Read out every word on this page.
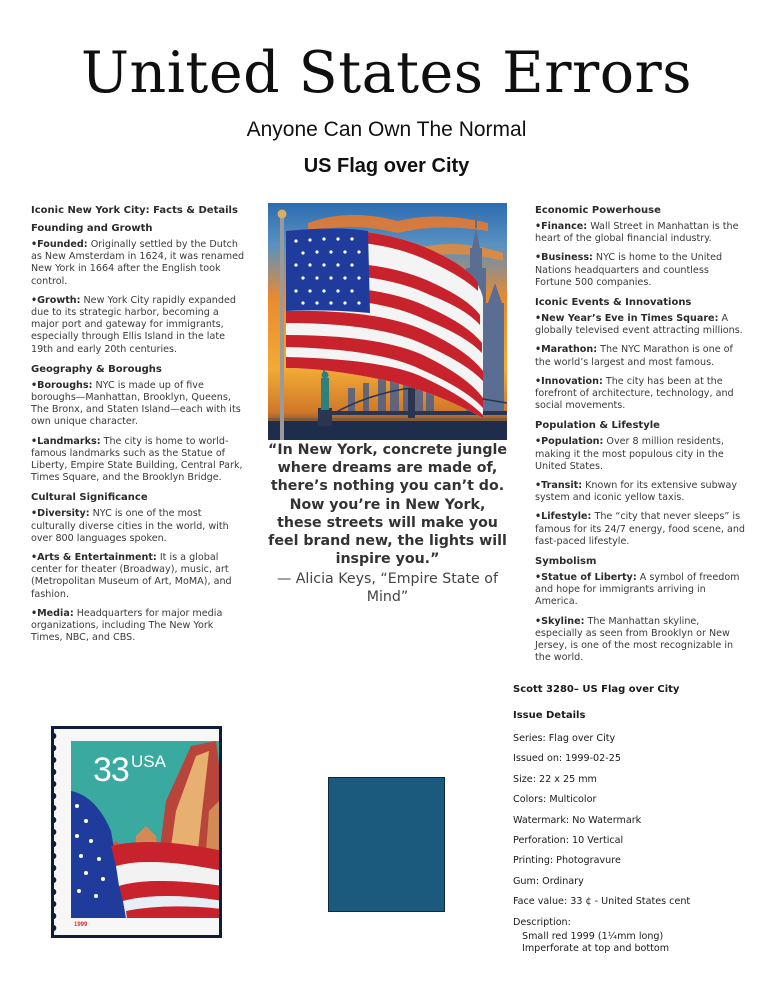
United States Errors
Anyone Can Own The Normal
US Flag over City
Iconic New York City: Facts & Details
Founding and Growth
•Founded: Originally settled by the Dutch as New Amsterdam in 1624, it was renamed New York in 1664 after the English took control.
•Growth: New York City rapidly expanded due to its strategic harbor, becoming a major port and gateway for immigrants, especially through Ellis Island in the late 19th and early 20th centuries.
Geography & Boroughs
•Boroughs: NYC is made up of five boroughs—Manhattan, Brooklyn, Queens, The Bronx, and Staten Island—each with its own unique character.
•Landmarks: The city is home to world-famous landmarks such as the Statue of Liberty, Empire State Building, Central Park, Times Square, and the Brooklyn Bridge.
Cultural Significance
•Diversity: NYC is one of the most culturally diverse cities in the world, with over 800 languages spoken.
•Arts & Entertainment: It is a global center for theater (Broadway), music, art (Metropolitan Museum of Art, MoMA), and fashion.
•Media: Headquarters for major media organizations, including The New York Times, NBC, and CBS.
“In New York, concrete jungle where dreams are made of, there’s nothing you can’t do. Now you’re in New York, these streets will make you feel brand new, the lights will inspire you.”
— Alicia Keys, “Empire State of Mind”
Economic Powerhouse
•Finance: Wall Street in Manhattan is the heart of the global financial industry.
•Business: NYC is home to the United Nations headquarters and countless Fortune 500 companies.
Iconic Events & Innovations
•New Year’s Eve in Times Square: A globally televised event attracting millions.
•Marathon: The NYC Marathon is one of the world’s largest and most famous.
•Innovation: The city has been at the forefront of architecture, technology, and social movements.
Population & Lifestyle
•Population: Over 8 million residents, making it the most populous city in the United States.
•Transit: Known for its extensive subway system and iconic yellow taxis.
•Lifestyle: The “city that never sleeps” is famous for its 24/7 energy, food scene, and fast-paced lifestyle.
Symbolism
•Statue of Liberty: A symbol of freedom and hope for immigrants arriving in America.
•Skyline: The Manhattan skyline, especially as seen from Brooklyn or New Jersey, is one of the most recognizable in the world.
33 USA
1999
Scott 3280– US Flag over City
Issue Details
Series: Flag over City
Issued on: 1999-02-25
Size: 22 x 25 mm
Colors: Multicolor
Watermark: No Watermark
Perforation: 10 Vertical
Printing: Photogravure
Gum: Ordinary
Face value: 33 ¢ - United States cent
Description:
Small red 1999 (1¼mm long)
Imperforate at top and bottom
